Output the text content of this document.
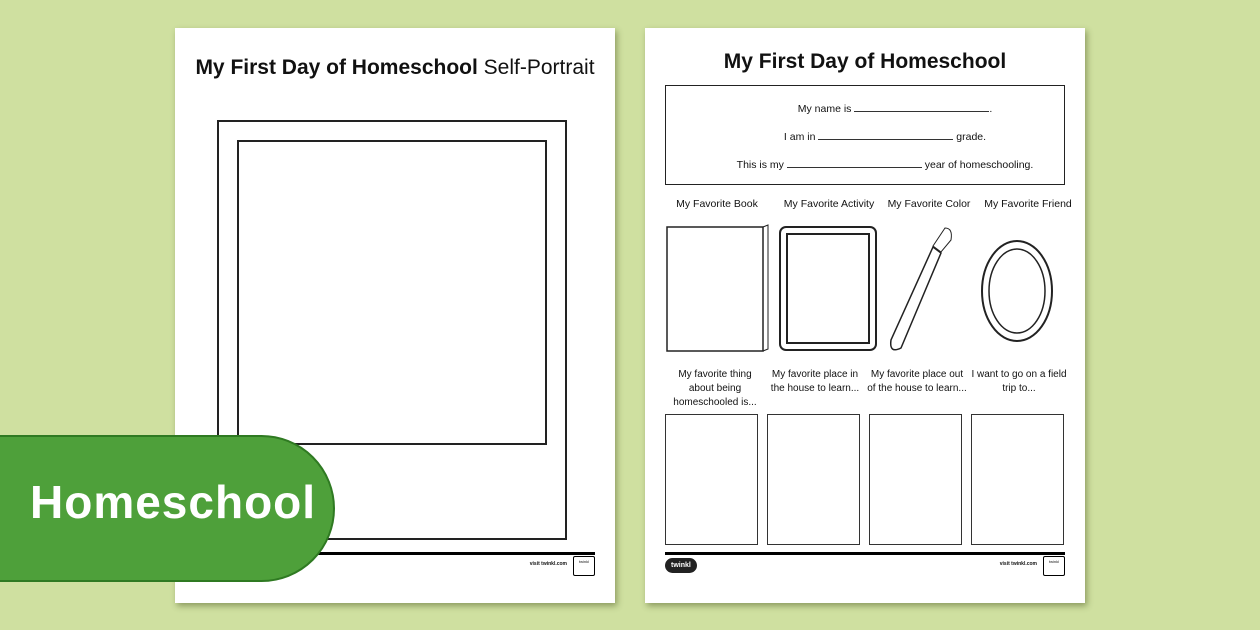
My First Day of Homeschool Self-Portrait
visit twinkl.com	twinkl
My First Day of Homeschool
My name is	.
I am in	grade.
This is my	year of homeschooling.
My Favorite Book	My Favorite Activity	My Favorite Color	My Favorite Friend
My favorite thing about being homeschooled is...
My favorite place in the house to learn...
My favorite place out of the house to learn...
I want to go on a field trip to...
twinkl	visit twinkl.com	twinkl
Homeschool
